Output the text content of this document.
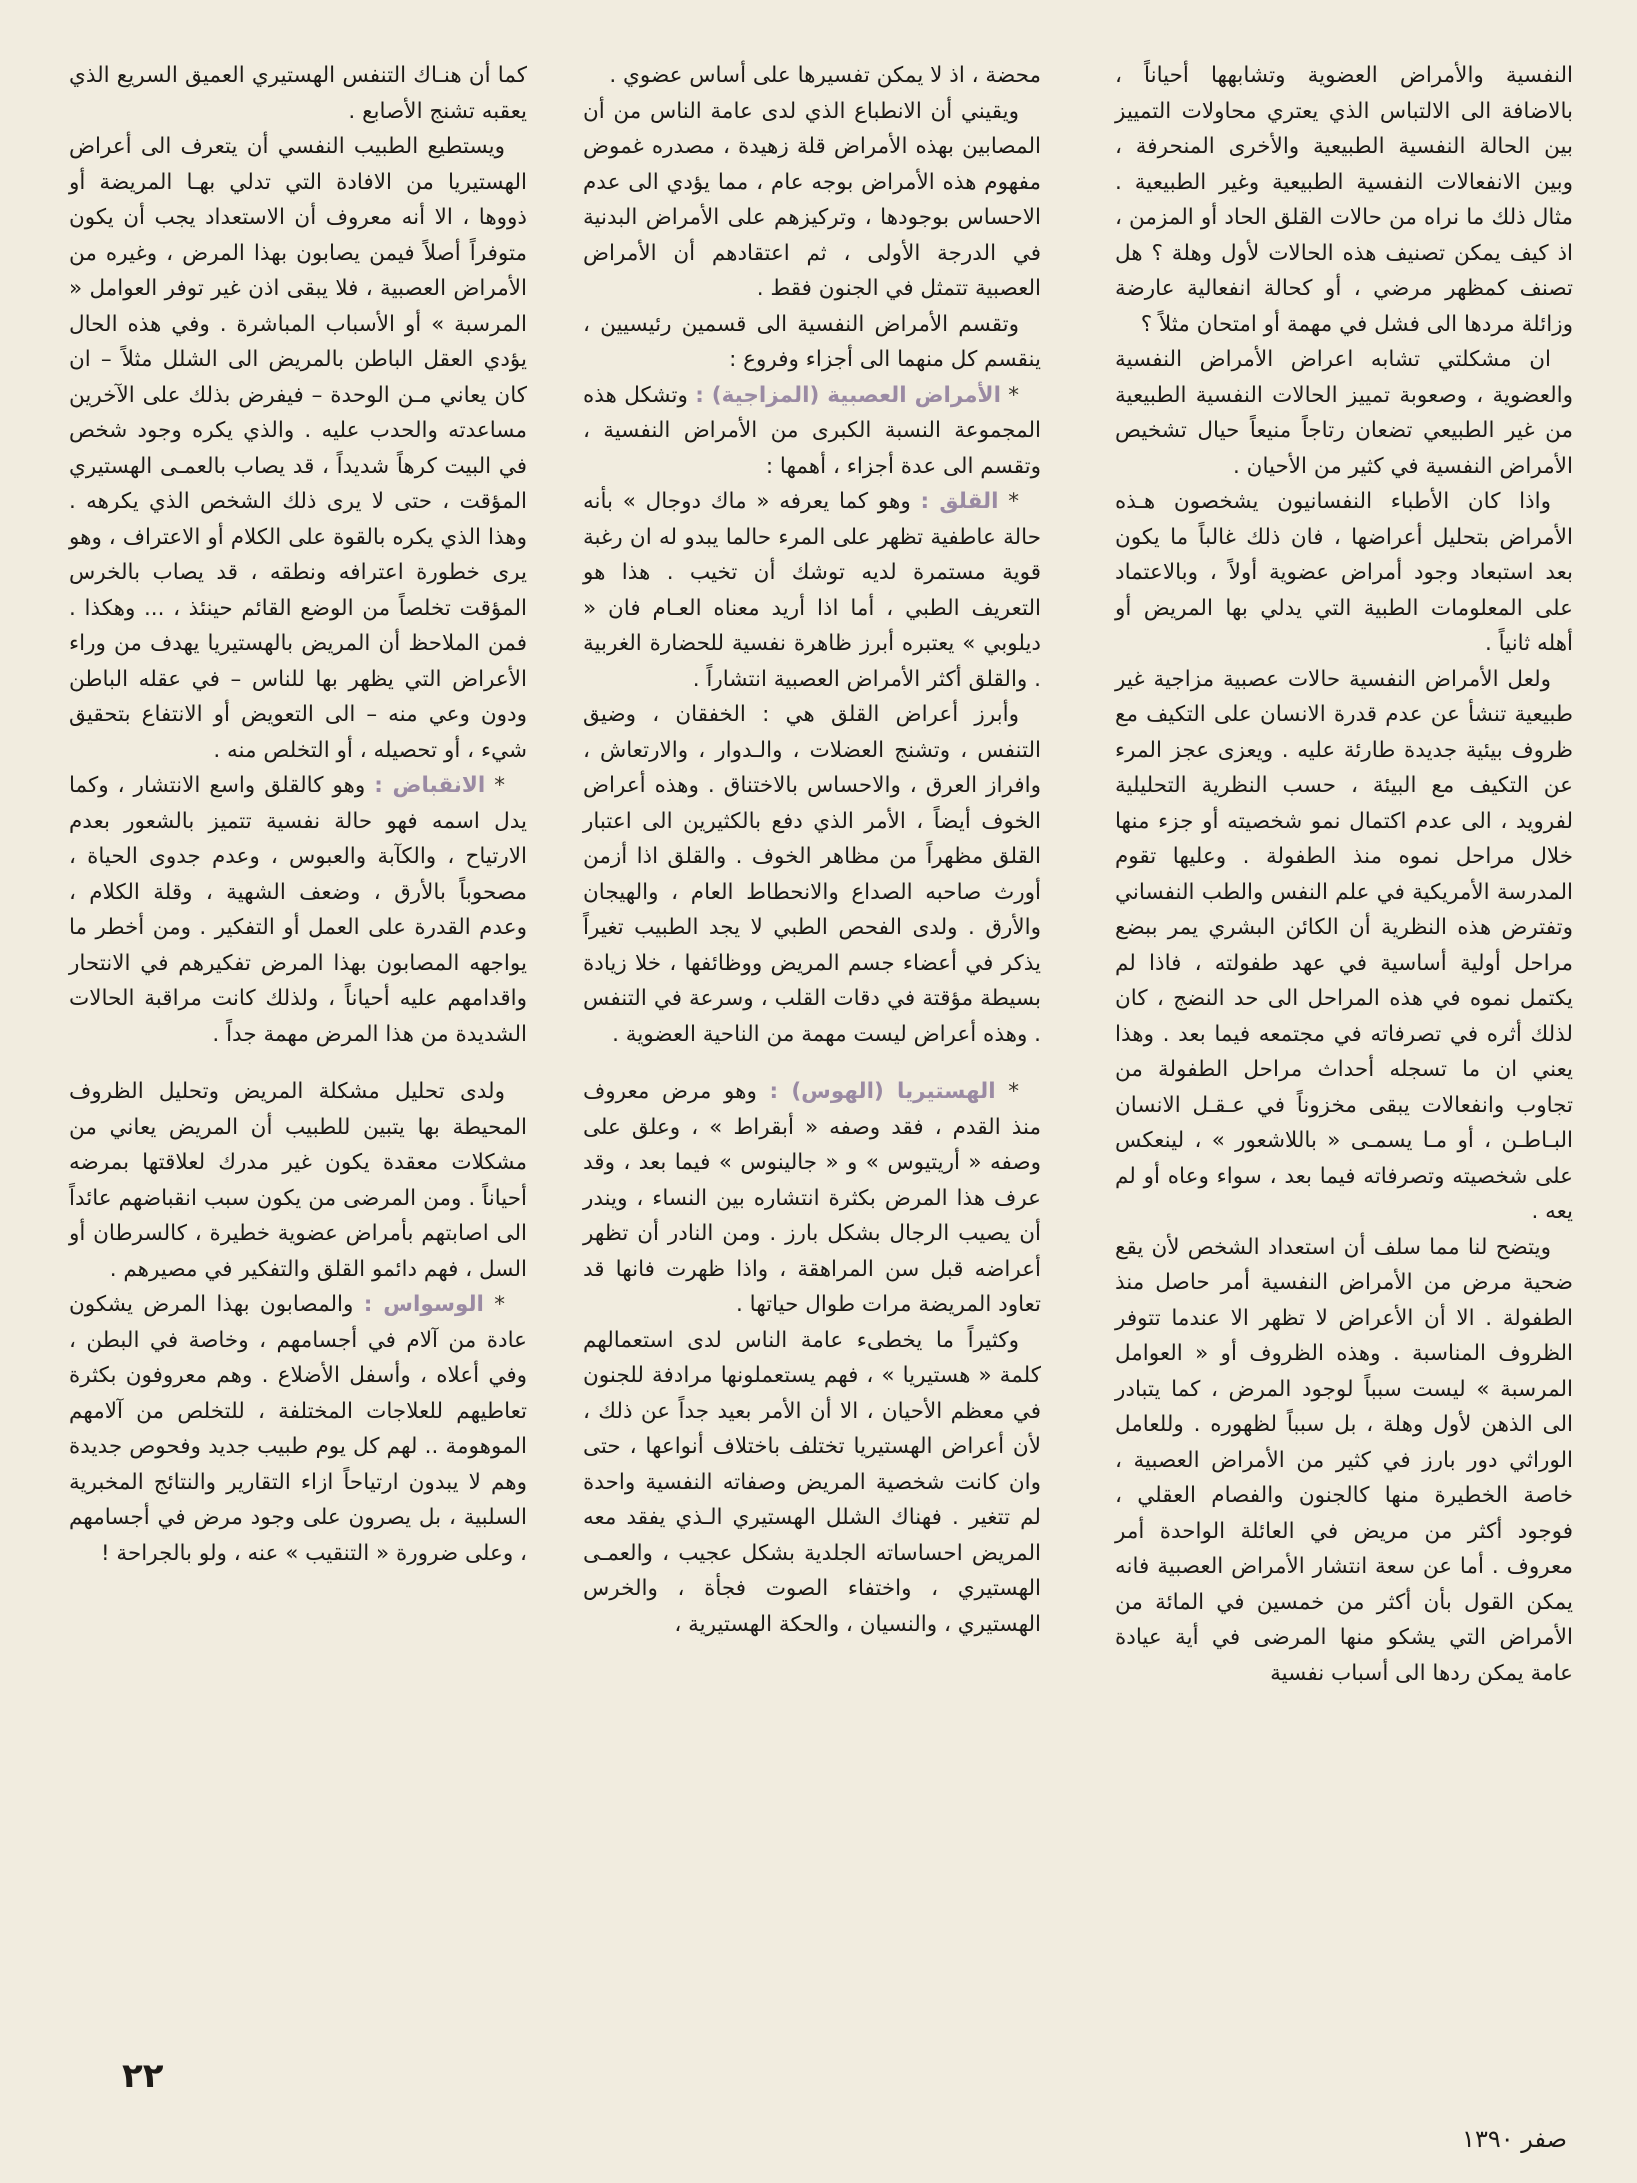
النفسية والأمراض العضوية وتشابهها أحياناً ، بالاضافة الى الالتباس الذي يعتري محاولات التمييز بين الحالة النفسية الطبيعية والأخرى المنحرفة ، وبين الانفعالات النفسية الطبيعية وغير الطبيعية . مثال ذلك ما نراه من حالات القلق الحاد أو المزمن ، اذ كيف يمكن تصنيف هذه الحالات لأول وهلة ؟ هل تصنف كمظهر مرضي ، أو كحالة انفعالية عارضة وزائلة مردها الى فشل في مهمة أو امتحان مثلاً ؟

ان مشكلتي تشابه اعراض الأمراض النفسية والعضوية ، وصعوبة تمييز الحالات النفسية الطبيعية من غير الطبيعي تضعان رتاجاً منيعاً حيال تشخيص الأمراض النفسية في كثير من الأحيان .

واذا كان الأطباء النفسانيون يشخصون هـذه الأمراض بتحليل أعراضها ، فان ذلك غالباً ما يكون بعد استبعاد وجود أمراض عضوية أولاً ، وبالاعتماد على المعلومات الطبية التي يدلي بها المريض أو أهله ثانياً .

ولعل الأمراض النفسية حالات عصبية مزاجية غير طبيعية تنشأ عن عدم قدرة الانسان على التكيف مع ظروف بيئية جديدة طارئة عليه . ويعزى عجز المرء عن التكيف مع البيئة ، حسب النظرية التحليلية لفرويد ، الى عدم اكتمال نمو شخصيته أو جزء منها خلال مراحل نموه منذ الطفولة . وعليها تقوم المدرسة الأمريكية في علم النفس والطب النفساني وتفترض هذه النظرية أن الكائن البشري يمر ببضع مراحل أولية أساسية في عهد طفولته ، فاذا لم يكتمل نموه في هذه المراحل الى حد النضج ، كان لذلك أثره في تصرفاته في مجتمعه فيما بعد . وهذا يعني ان ما تسجله أحداث مراحل الطفولة من تجاوب وانفعالات يبقى مخزوناً في عـقـل الانسان البـاطـن ، أو مـا يسمـى « باللاشعور » ، لينعكس على شخصيته وتصرفاته فيما بعد ، سواء وعاه أو لم يعه .

ويتضح لنا مما سلف أن استعداد الشخص لأن يقع ضحية مرض من الأمراض النفسية أمر حاصل منذ الطفولة . الا أن الأعراض لا تظهر الا عندما تتوفر الظروف المناسبة . وهذه الظروف أو « العوامل المرسبة » ليست سبباً لوجود المرض ، كما يتبادر الى الذهن لأول وهلة ، بل سبباً لظهوره . وللعامل الوراثي دور بارز في كثير من الأمراض العصبية ، خاصة الخطيرة منها كالجنون والفصام العقلي ، فوجود أكثر من مريض في العائلة الواحدة أمر معروف . أما عن سعة انتشار الأمراض العصبية فانه يمكن القول بأن أكثر من خمسين في المائة من الأمراض التي يشكو منها المرضى في أية عيادة عامة يمكن ردها الى أسباب نفسية

محضة ، اذ لا يمكن تفسيرها على أساس عضوي .

ويقيني أن الانطباع الذي لدى عامة الناس من أن المصابين بهذه الأمراض قلة زهيدة ، مصدره غموض مفهوم هذه الأمراض بوجه عام ، مما يؤدي الى عدم الاحساس بوجودها ، وتركيزهم على الأمراض البدنية في الدرجة الأولى ، ثم اعتقادهم أن الأمراض العصبية تتمثل في الجنون فقط .

وتقسم الأمراض النفسية الى قسمين رئيسيين ، ينقسم كل منهما الى أجزاء وفروع :

* الأمراض العصبية (المزاجية) : وتشكل هذه المجموعة النسبة الكبرى من الأمراض النفسية ، وتقسم الى عدة أجزاء ، أهمها :

* القلق : وهو كما يعرفه « ماك دوجال » بأنه حالة عاطفية تظهر على المرء حالما يبدو له ان رغبة قوية مستمرة لديه توشك أن تخيب . هذا هو التعريف الطبي ، أما اذا أريد معناه العـام فان « ديلوبي » يعتبره أبرز ظاهرة نفسية للحضارة الغربية . والقلق أكثر الأمراض العصبية انتشاراً .

وأبرز أعراض القلق هي : الخفقان ، وضيق التنفس ، وتشنج العضلات ، والـدوار ، والارتعاش ، وافراز العرق ، والاحساس بالاختناق . وهذه أعراض الخوف أيضاً ، الأمر الذي دفع بالكثيرين الى اعتبار القلق مظهراً من مظاهر الخوف . والقلق اذا أزمن أورث صاحبه الصداع والانحطاط العام ، والهيجان والأرق . ولدى الفحص الطبي لا يجد الطبيب تغيراً يذكر في أعضاء جسم المريض ووظائفها ، خلا زيادة بسيطة مؤقتة في دقات القلب ، وسرعة في التنفس . وهذه أعراض ليست مهمة من الناحية العضوية .

* الهستيريا (الهوس) : وهو مرض معروف منذ القدم ، فقد وصفه « أبقراط » ، وعلق على وصفه « أريتيوس » و « جالينوس » فيما بعد ، وقد عرف هذا المرض بكثرة انتشاره بين النساء ، ويندر أن يصيب الرجال بشكل بارز . ومن النادر أن تظهر أعراضه قبل سن المراهقة ، واذا ظهرت فانها قد تعاود المريضة مرات طوال حياتها .

وكثيراً ما يخطىء عامة الناس لدى استعمالهم كلمة « هستيريا » ، فهم يستعملونها مرادفة للجنون في معظم الأحيان ، الا أن الأمر بعيد جداً عن ذلك ، لأن أعراض الهستيريا تختلف باختلاف أنواعها ، حتى وان كانت شخصية المريض وصفاته النفسية واحدة لم تتغير . فهناك الشلل الهستيري الـذي يفقد معه المريض احساساته الجلدية بشكل عجيب ، والعمـى الهستيري ، واختفاء الصوت فجأة ، والخرس الهستيري ، والنسيان ، والحكة الهستيرية ،

كما أن هنـاك التنفس الهستيري العميق السريع الذي يعقبه تشنج الأصابع .

ويستطيع الطبيب النفسي أن يتعرف الى أعراض الهستيريا من الافادة التي تدلي بهـا المريضة أو ذووها ، الا أنه معروف أن الاستعداد يجب أن يكون متوفراً أصلاً فيمن يصابون بهذا المرض ، وغيره من الأمراض العصبية ، فلا يبقى اذن غير توفر العوامل « المرسبة » أو الأسباب المباشرة . وفي هذه الحال يؤدي العقل الباطن بالمريض الى الشلل مثلاً – ان كان يعاني مـن الوحدة – فيفرض بذلك على الآخرين مساعدته والحدب عليه . والذي يكره وجود شخص في البيت كرهاً شديداً ، قد يصاب بالعمـى الهستيري المؤقت ، حتى لا يرى ذلك الشخص الذي يكرهه . وهذا الذي يكره بالقوة على الكلام أو الاعتراف ، وهو يرى خطورة اعترافه ونطقه ، قد يصاب بالخرس المؤقت تخلصاً من الوضع القائم حينئذ ، ... وهكذا . فمن الملاحظ أن المريض بالهستيريا يهدف من وراء الأعراض التي يظهر بها للناس – في عقله الباطن ودون وعي منه – الى التعويض أو الانتفاع بتحقيق شيء ، أو تحصيله ، أو التخلص منه .

* الانقباض : وهو كالقلق واسع الانتشار ، وكما يدل اسمه فهو حالة نفسية تتميز بالشعور بعدم الارتياح ، والكآبة والعبوس ، وعدم جدوى الحياة ، مصحوباً بالأرق ، وضعف الشهية ، وقلة الكلام ، وعدم القدرة على العمل أو التفكير . ومن أخطر ما يواجهه المصابون بهذا المرض تفكيرهم في الانتحار واقدامهم عليه أحياناً ، ولذلك كانت مراقبة الحالات الشديدة من هذا المرض مهمة جداً .

ولدى تحليل مشكلة المريض وتحليل الظروف المحيطة بها يتبين للطبيب أن المريض يعاني من مشكلات معقدة يكون غير مدرك لعلاقتها بمرضه أحياناً . ومن المرضى من يكون سبب انقباضهم عائداً الى اصابتهم بأمراض عضوية خطيرة ، كالسرطان أو السل ، فهم دائمو القلق والتفكير في مصيرهم .

* الوسواس : والمصابون بهذا المرض يشكون عادة من آلام في أجسامهم ، وخاصة في البطن ، وفي أعلاه ، وأسفل الأضلاع . وهم معروفون بكثرة تعاطيهم للعلاجات المختلفة ، للتخلص من آلامهم الموهومة .. لهم كل يوم طبيب جديد وفحوص جديدة وهم لا يبدون ارتياحاً ازاء التقارير والنتائج المخبرية السلبية ، بل يصرون على وجود مرض في أجسامهم ، وعلى ضرورة « التنقيب » عنه ، ولو بالجراحة !

٢٢
صفر ١٣٩٠
